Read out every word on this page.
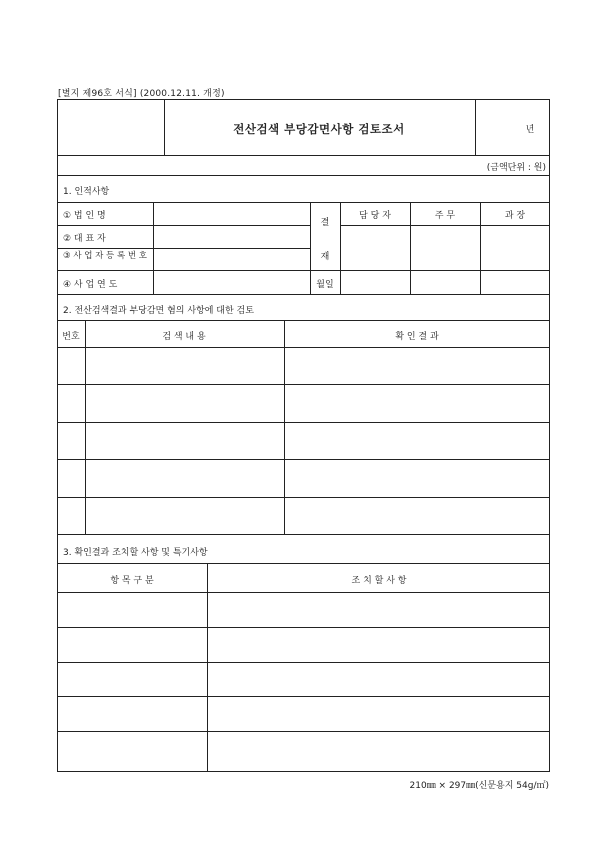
[별지 제96호 서식] (2000.12.11. 개정)
전산검색 부당감면사항 검토조서	년
(금액단위 : 원)
1. 인적사항
① 법 인 명
② 대 표 자
③ 사 업 자 등 록 번 호
④ 사 업 연 도
결
재
월일
담 당 자	주 무	과 장
2. 전산검색결과 부당감면 혐의 사항에 대한 검토
번호	검 색 내 용	확 인 결 과
3. 확인결과 조치할 사항 및 특기사항
항 목 구 분	조 치 할 사 항
210㎜ × 297㎜(신문용지 54g/㎡)
